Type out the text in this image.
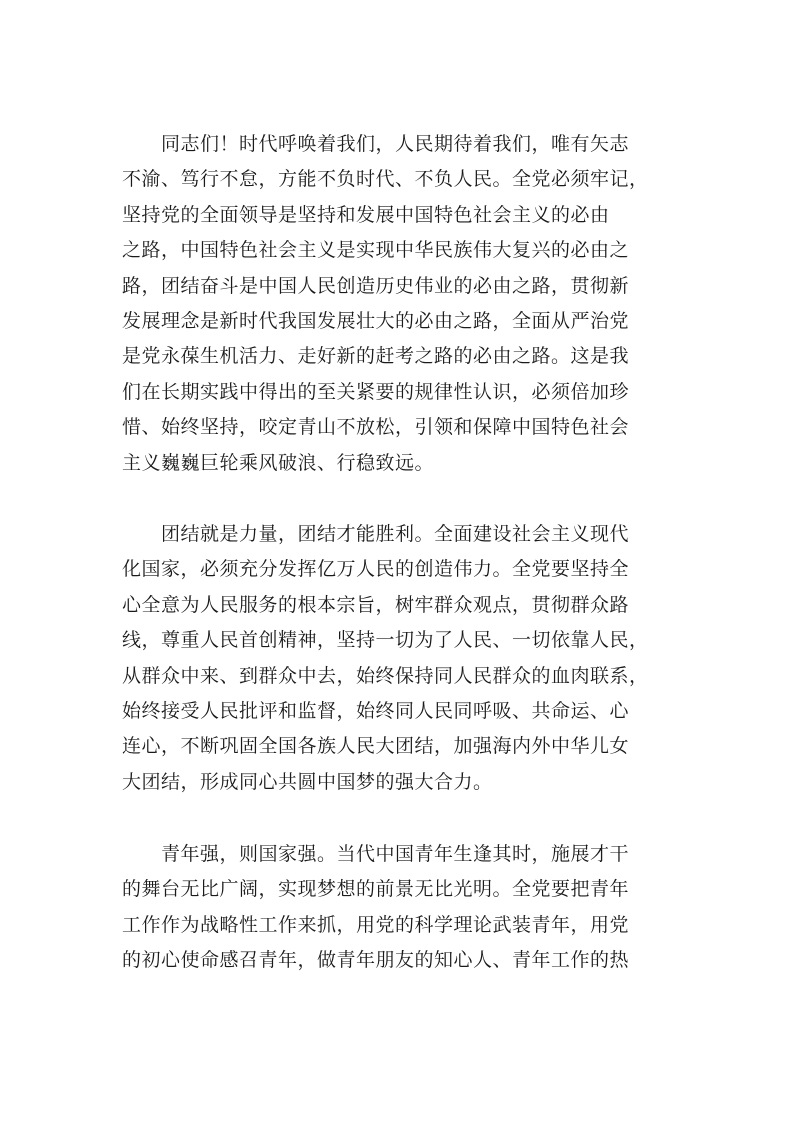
　　同志们！时代呼唤着我们，人民期待着我们，唯有矢志
不渝、笃行不怠，方能不负时代、不负人民。全党必须牢记，
坚持党的全面领导是坚持和发展中国特色社会主义的必由
之路，中国特色社会主义是实现中华民族伟大复兴的必由之
路，团结奋斗是中国人民创造历史伟业的必由之路，贯彻新
发展理念是新时代我国发展壮大的必由之路，全面从严治党
是党永葆生机活力、走好新的赶考之路的必由之路。这是我
们在长期实践中得出的至关紧要的规律性认识，必须倍加珍
惜、始终坚持，咬定青山不放松，引领和保障中国特色社会
主义巍巍巨轮乘风破浪、行稳致远。

　　团结就是力量，团结才能胜利。全面建设社会主义现代
化国家，必须充分发挥亿万人民的创造伟力。全党要坚持全
心全意为人民服务的根本宗旨，树牢群众观点，贯彻群众路
线，尊重人民首创精神，坚持一切为了人民、一切依靠人民，
从群众中来、到群众中去，始终保持同人民群众的血肉联系，
始终接受人民批评和监督，始终同人民同呼吸、共命运、心
连心，不断巩固全国各族人民大团结，加强海内外中华儿女
大团结，形成同心共圆中国梦的强大合力。

　　青年强，则国家强。当代中国青年生逢其时，施展才干
的舞台无比广阔，实现梦想的前景无比光明。全党要把青年
工作作为战略性工作来抓，用党的科学理论武装青年，用党
的初心使命感召青年，做青年朋友的知心人、青年工作的热
